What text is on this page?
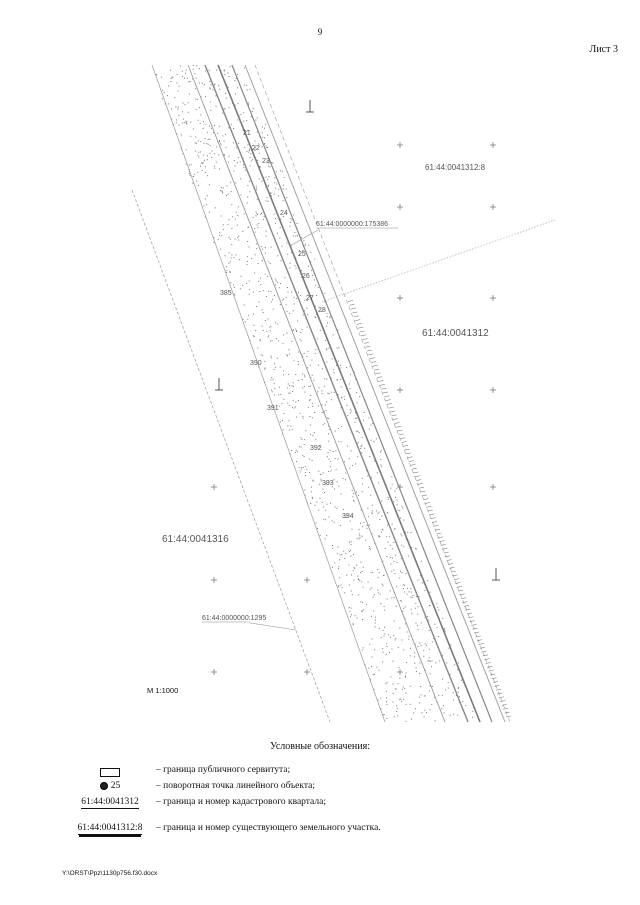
9
Лист 3
61:44:0041312:8
61:44:0041312
61:44:0041316
61:44:0000000:175386
61:44:0000000:1295
21
22
23
24
25
26
27
28
385
390
391
392
393
394
М 1:1000
Условные обозначения:
– граница публичного сервитута;
25	– поворотная точка линейного объекта;
61:44:0041312	– граница и номер кадастрового квартала;
61:44:0041312:8	– граница и номер существующего земельного участка.
Y:\ORST\Ppz\1130p756.f30.docx
